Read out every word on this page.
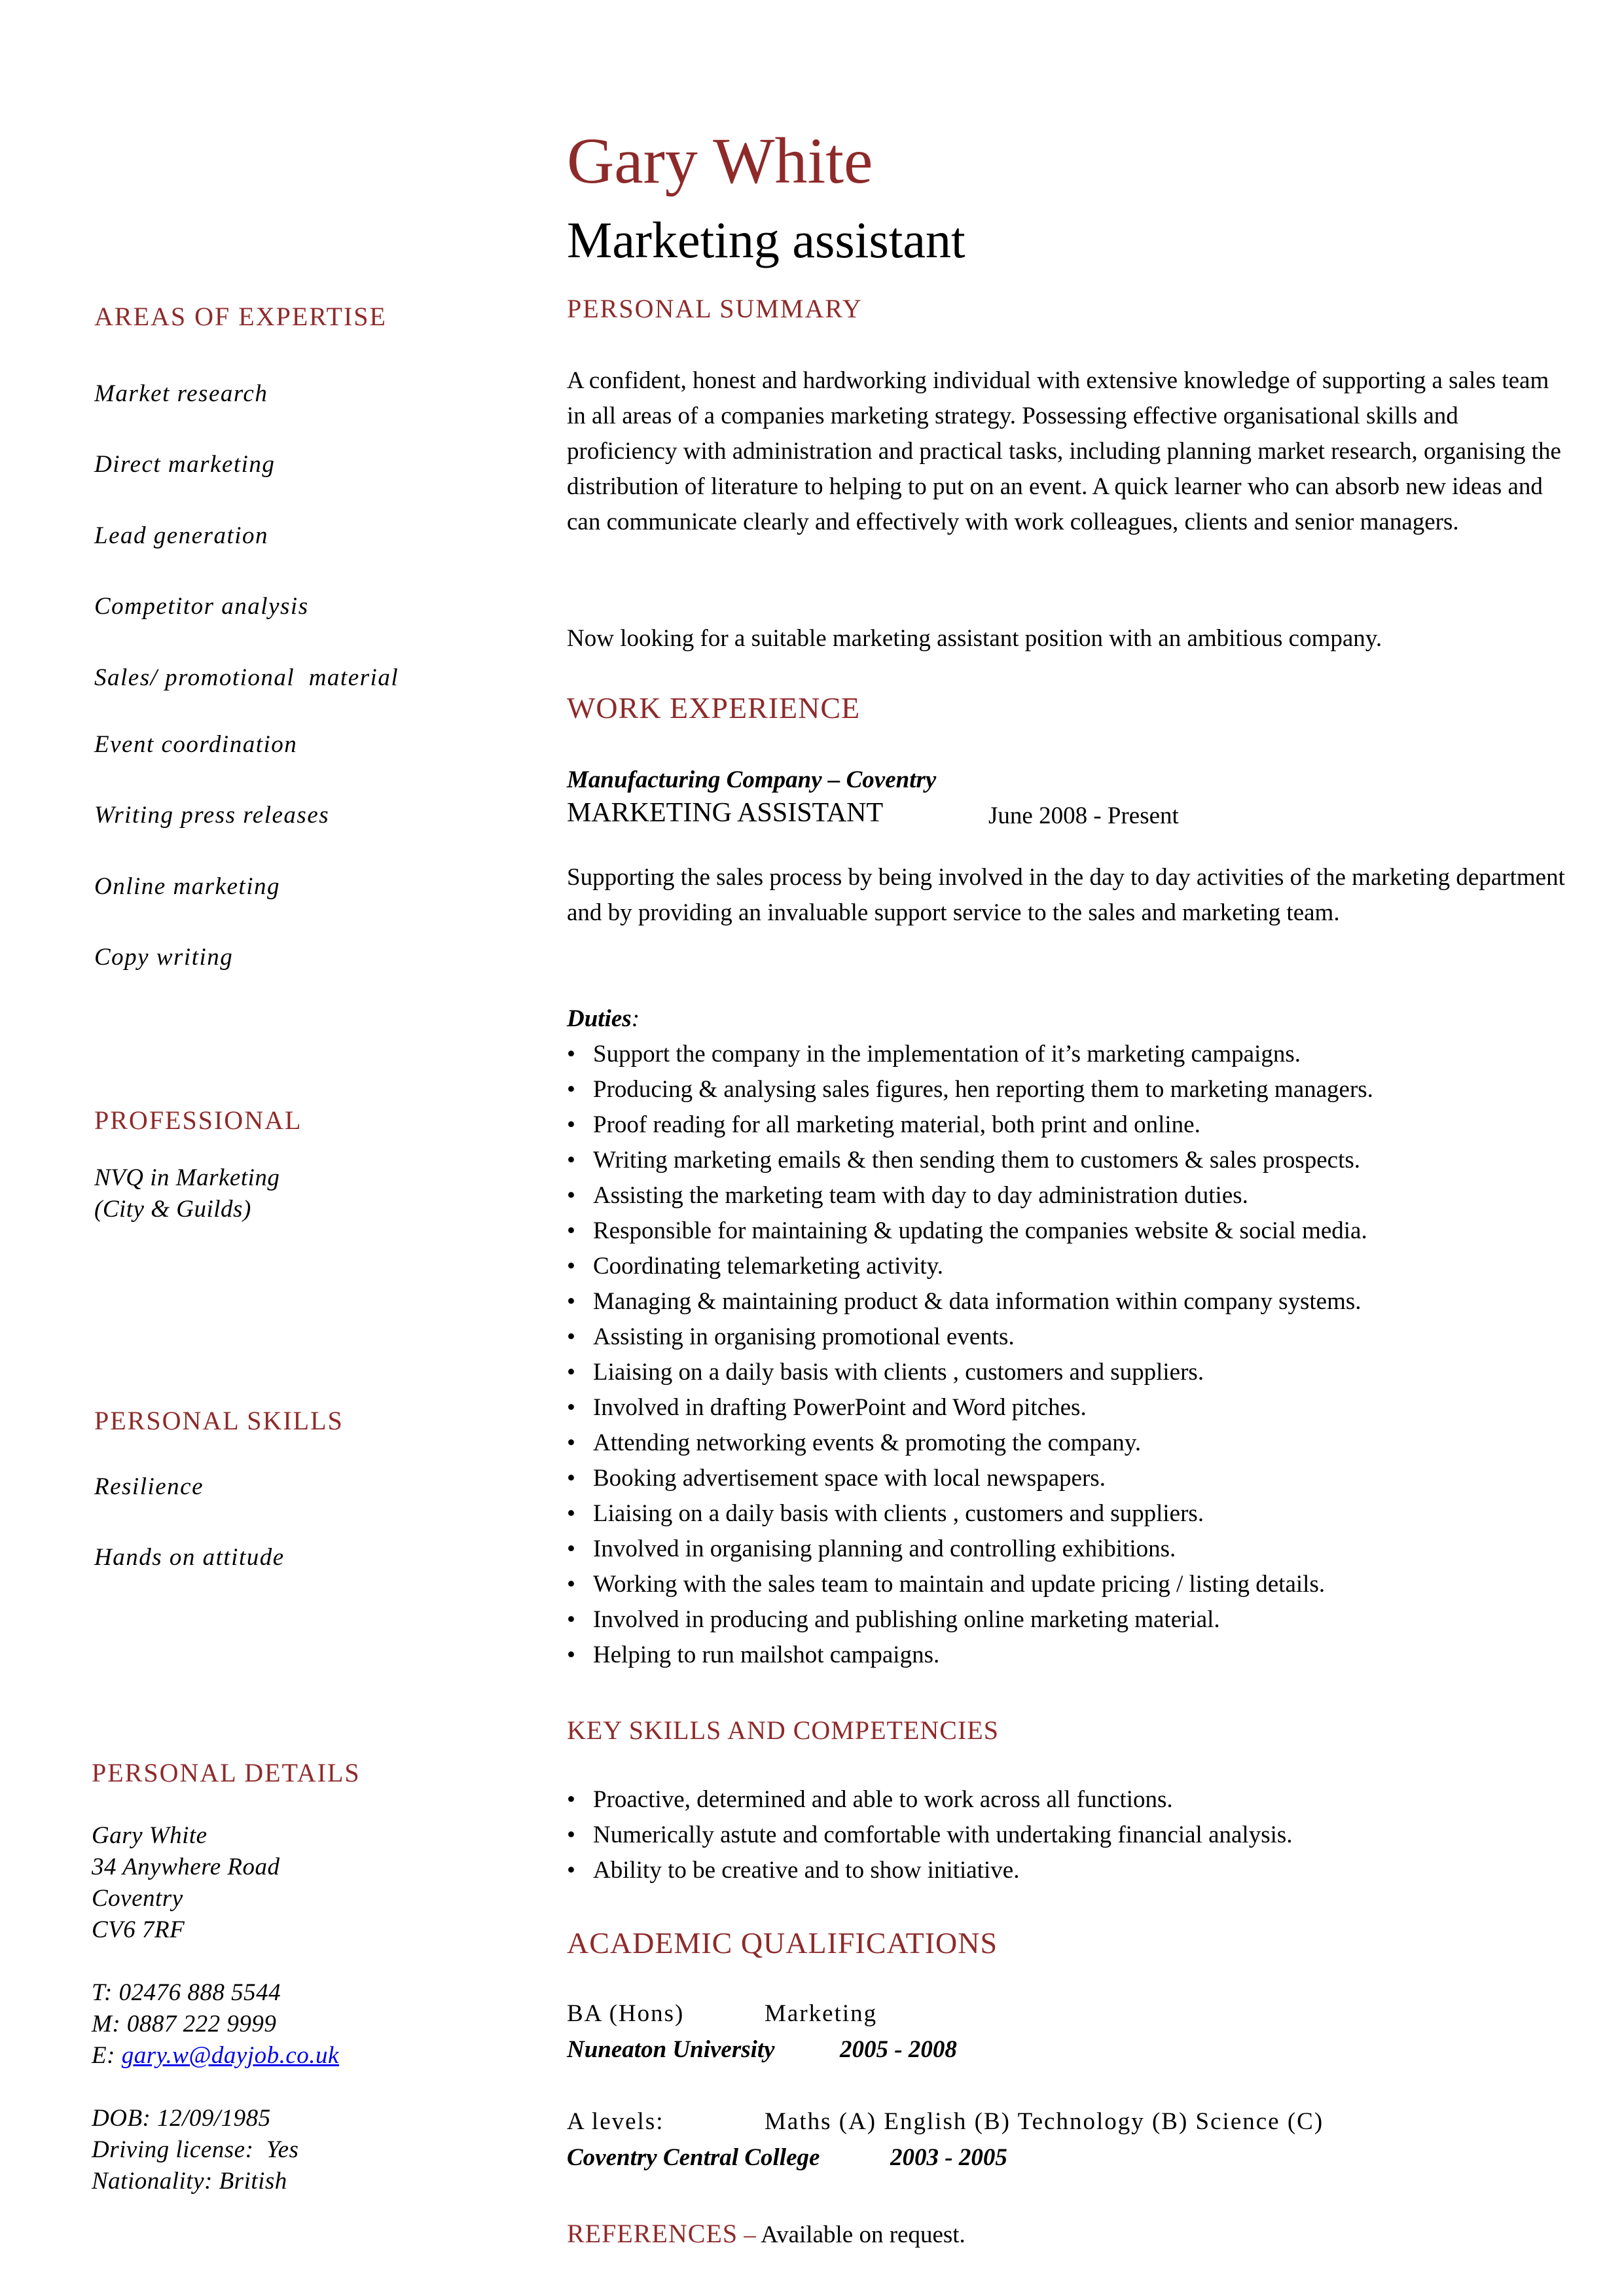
Gary White
Marketing assistant
AREAS OF EXPERTISE
Market research
Direct marketing
Lead generation
Competitor analysis
Sales/ promotional  material
Event coordination
Writing press releases
Online marketing
Copy writing
PROFESSIONAL
NVQ in Marketing
(City & Guilds)
PERSONAL SKILLS
Resilience
Hands on attitude
PERSONAL DETAILS
Gary White
34 Anywhere Road
Coventry
CV6 7RF
T: 02476 888 5544
M: 0887 222 9999
E: gary.w@dayjob.co.uk
DOB: 12/09/1985
Driving license:  Yes
Nationality: British
PERSONAL SUMMARY
A confident, honest and hardworking individual with extensive knowledge of supporting a sales team in all areas of a companies marketing strategy. Possessing effective organisational skills and proficiency with administration and practical tasks, including planning market research, organising the distribution of literature to helping to put on an event. A quick learner who can absorb new ideas and can communicate clearly and effectively with work colleagues, clients and senior managers.
Now looking for a suitable marketing assistant position with an ambitious company.
WORK EXPERIENCE
Manufacturing Company – Coventry
MARKETING ASSISTANT	June 2008 - Present
Supporting the sales process by being involved in the day to day activities of the marketing department and by providing an invaluable support service to the sales and marketing team.
Duties:
• Support the company in the implementation of it’s marketing campaigns.
• Producing & analysing sales figures, hen reporting them to marketing managers.
• Proof reading for all marketing material, both print and online.
• Writing marketing emails & then sending them to customers & sales prospects.
• Assisting the marketing team with day to day administration duties.
• Responsible for maintaining & updating the companies website & social media.
• Coordinating telemarketing activity.
• Managing & maintaining product & data information within company systems.
• Assisting in organising promotional events.
• Liaising on a daily basis with clients , customers and suppliers.
• Involved in drafting PowerPoint and Word pitches.
• Attending networking events & promoting the company.
• Booking advertisement space with local newspapers.
• Liaising on a daily basis with clients , customers and suppliers.
• Involved in organising planning and controlling exhibitions.
• Working with the sales team to maintain and update pricing / listing details.
• Involved in producing and publishing online marketing material.
• Helping to run mailshot campaigns.
KEY SKILLS AND COMPETENCIES
• Proactive, determined and able to work across all functions.
• Numerically astute and comfortable with undertaking financial analysis.
• Ability to be creative and to show initiative.
ACADEMIC QUALIFICATIONS
BA (Hons)	Marketing
Nuneaton University	2005 - 2008
A levels:	Maths (A) English (B) Technology (B) Science (C)
Coventry Central College	2003 - 2005
REFERENCES – Available on request.
